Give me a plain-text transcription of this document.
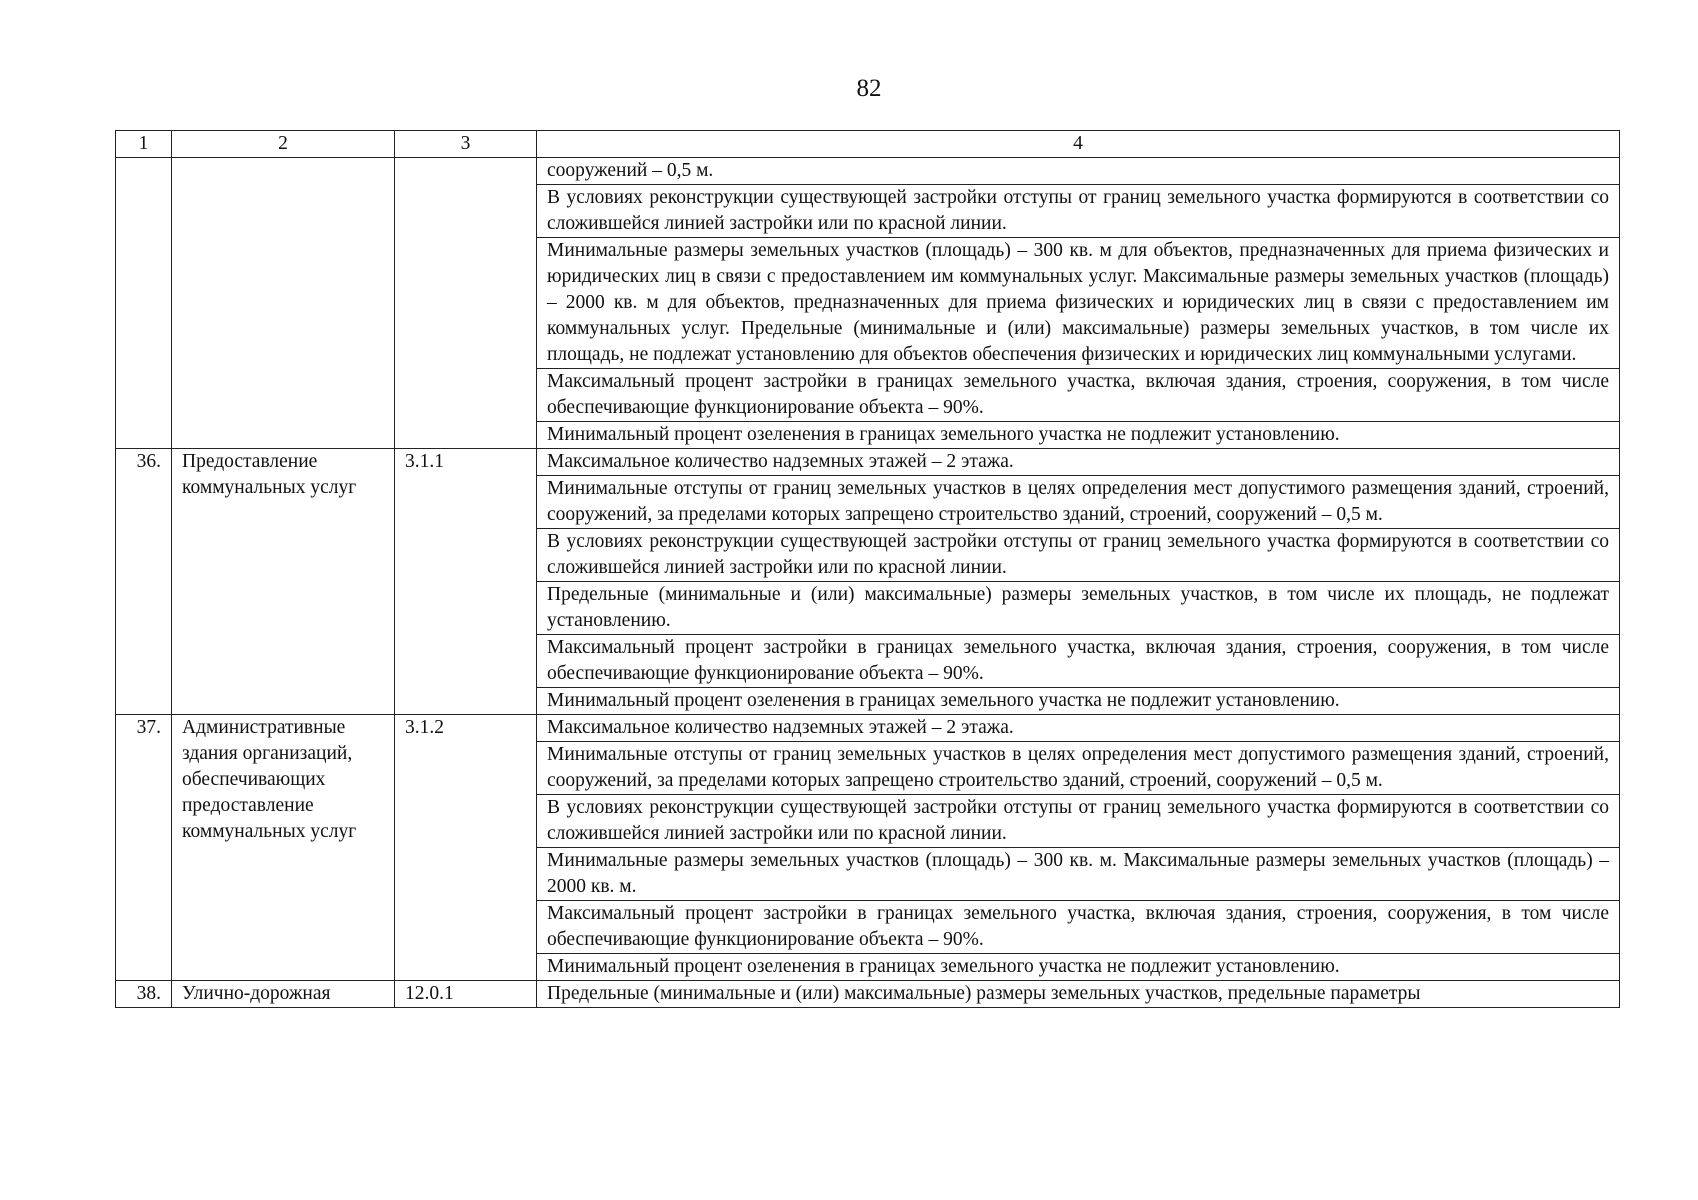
82
1	2	3	4
			сооружений – 0,5 м.
			В условиях реконструкции существующей застройки отступы от границ земельного участка формируются в соответствии со сложившейся линией застройки или по красной линии.
			Минимальные размеры земельных участков (площадь) – 300 кв. м для объектов, предназначенных для приема физических и юридических лиц в связи с предоставлением им коммунальных услуг. Максимальные размеры земельных участков (площадь) – 2000 кв. м для объектов, предназначенных для приема физических и юридических лиц в связи с предоставлением им коммунальных услуг. Предельные (минимальные и (или) максимальные) размеры земельных участков, в том числе их площадь, не подлежат установлению для объектов обеспечения физических и юридических лиц коммунальными услугами.
			Максимальный процент застройки в границах земельного участка, включая здания, строения, сооружения, в том числе обеспечивающие функционирование объекта – 90%.
			Минимальный процент озеленения в границах земельного участка не подлежит установлению.
36.	Предоставление коммунальных услуг	3.1.1	Максимальное количество надземных этажей – 2 этажа.
			Минимальные отступы от границ земельных участков в целях определения мест допустимого размещения зданий, строений, сооружений, за пределами которых запрещено строительство зданий, строений, сооружений – 0,5 м.
			В условиях реконструкции существующей застройки отступы от границ земельного участка формируются в соответствии со сложившейся линией застройки или по красной линии.
			Предельные (минимальные и (или) максимальные) размеры земельных участков, в том числе их площадь, не подлежат установлению.
			Максимальный процент застройки в границах земельного участка, включая здания, строения, сооружения, в том числе обеспечивающие функционирование объекта – 90%.
			Минимальный процент озеленения в границах земельного участка не подлежит установлению.
37.	Административные здания организаций, обеспечивающих предоставление коммунальных услуг	3.1.2	Максимальное количество надземных этажей – 2 этажа.
			Минимальные отступы от границ земельных участков в целях определения мест допустимого размещения зданий, строений, сооружений, за пределами которых запрещено строительство зданий, строений, сооружений – 0,5 м.
			В условиях реконструкции существующей застройки отступы от границ земельного участка формируются в соответствии со сложившейся линией застройки или по красной линии.
			Минимальные размеры земельных участков (площадь) – 300 кв. м. Максимальные размеры земельных участков (площадь) – 2000 кв. м.
			Максимальный процент застройки в границах земельного участка, включая здания, строения, сооружения, в том числе обеспечивающие функционирование объекта – 90%.
			Минимальный процент озеленения в границах земельного участка не подлежит установлению.
38.	Улично-дорожная	12.0.1	Предельные (минимальные и (или) максимальные) размеры земельных участков, предельные параметры
